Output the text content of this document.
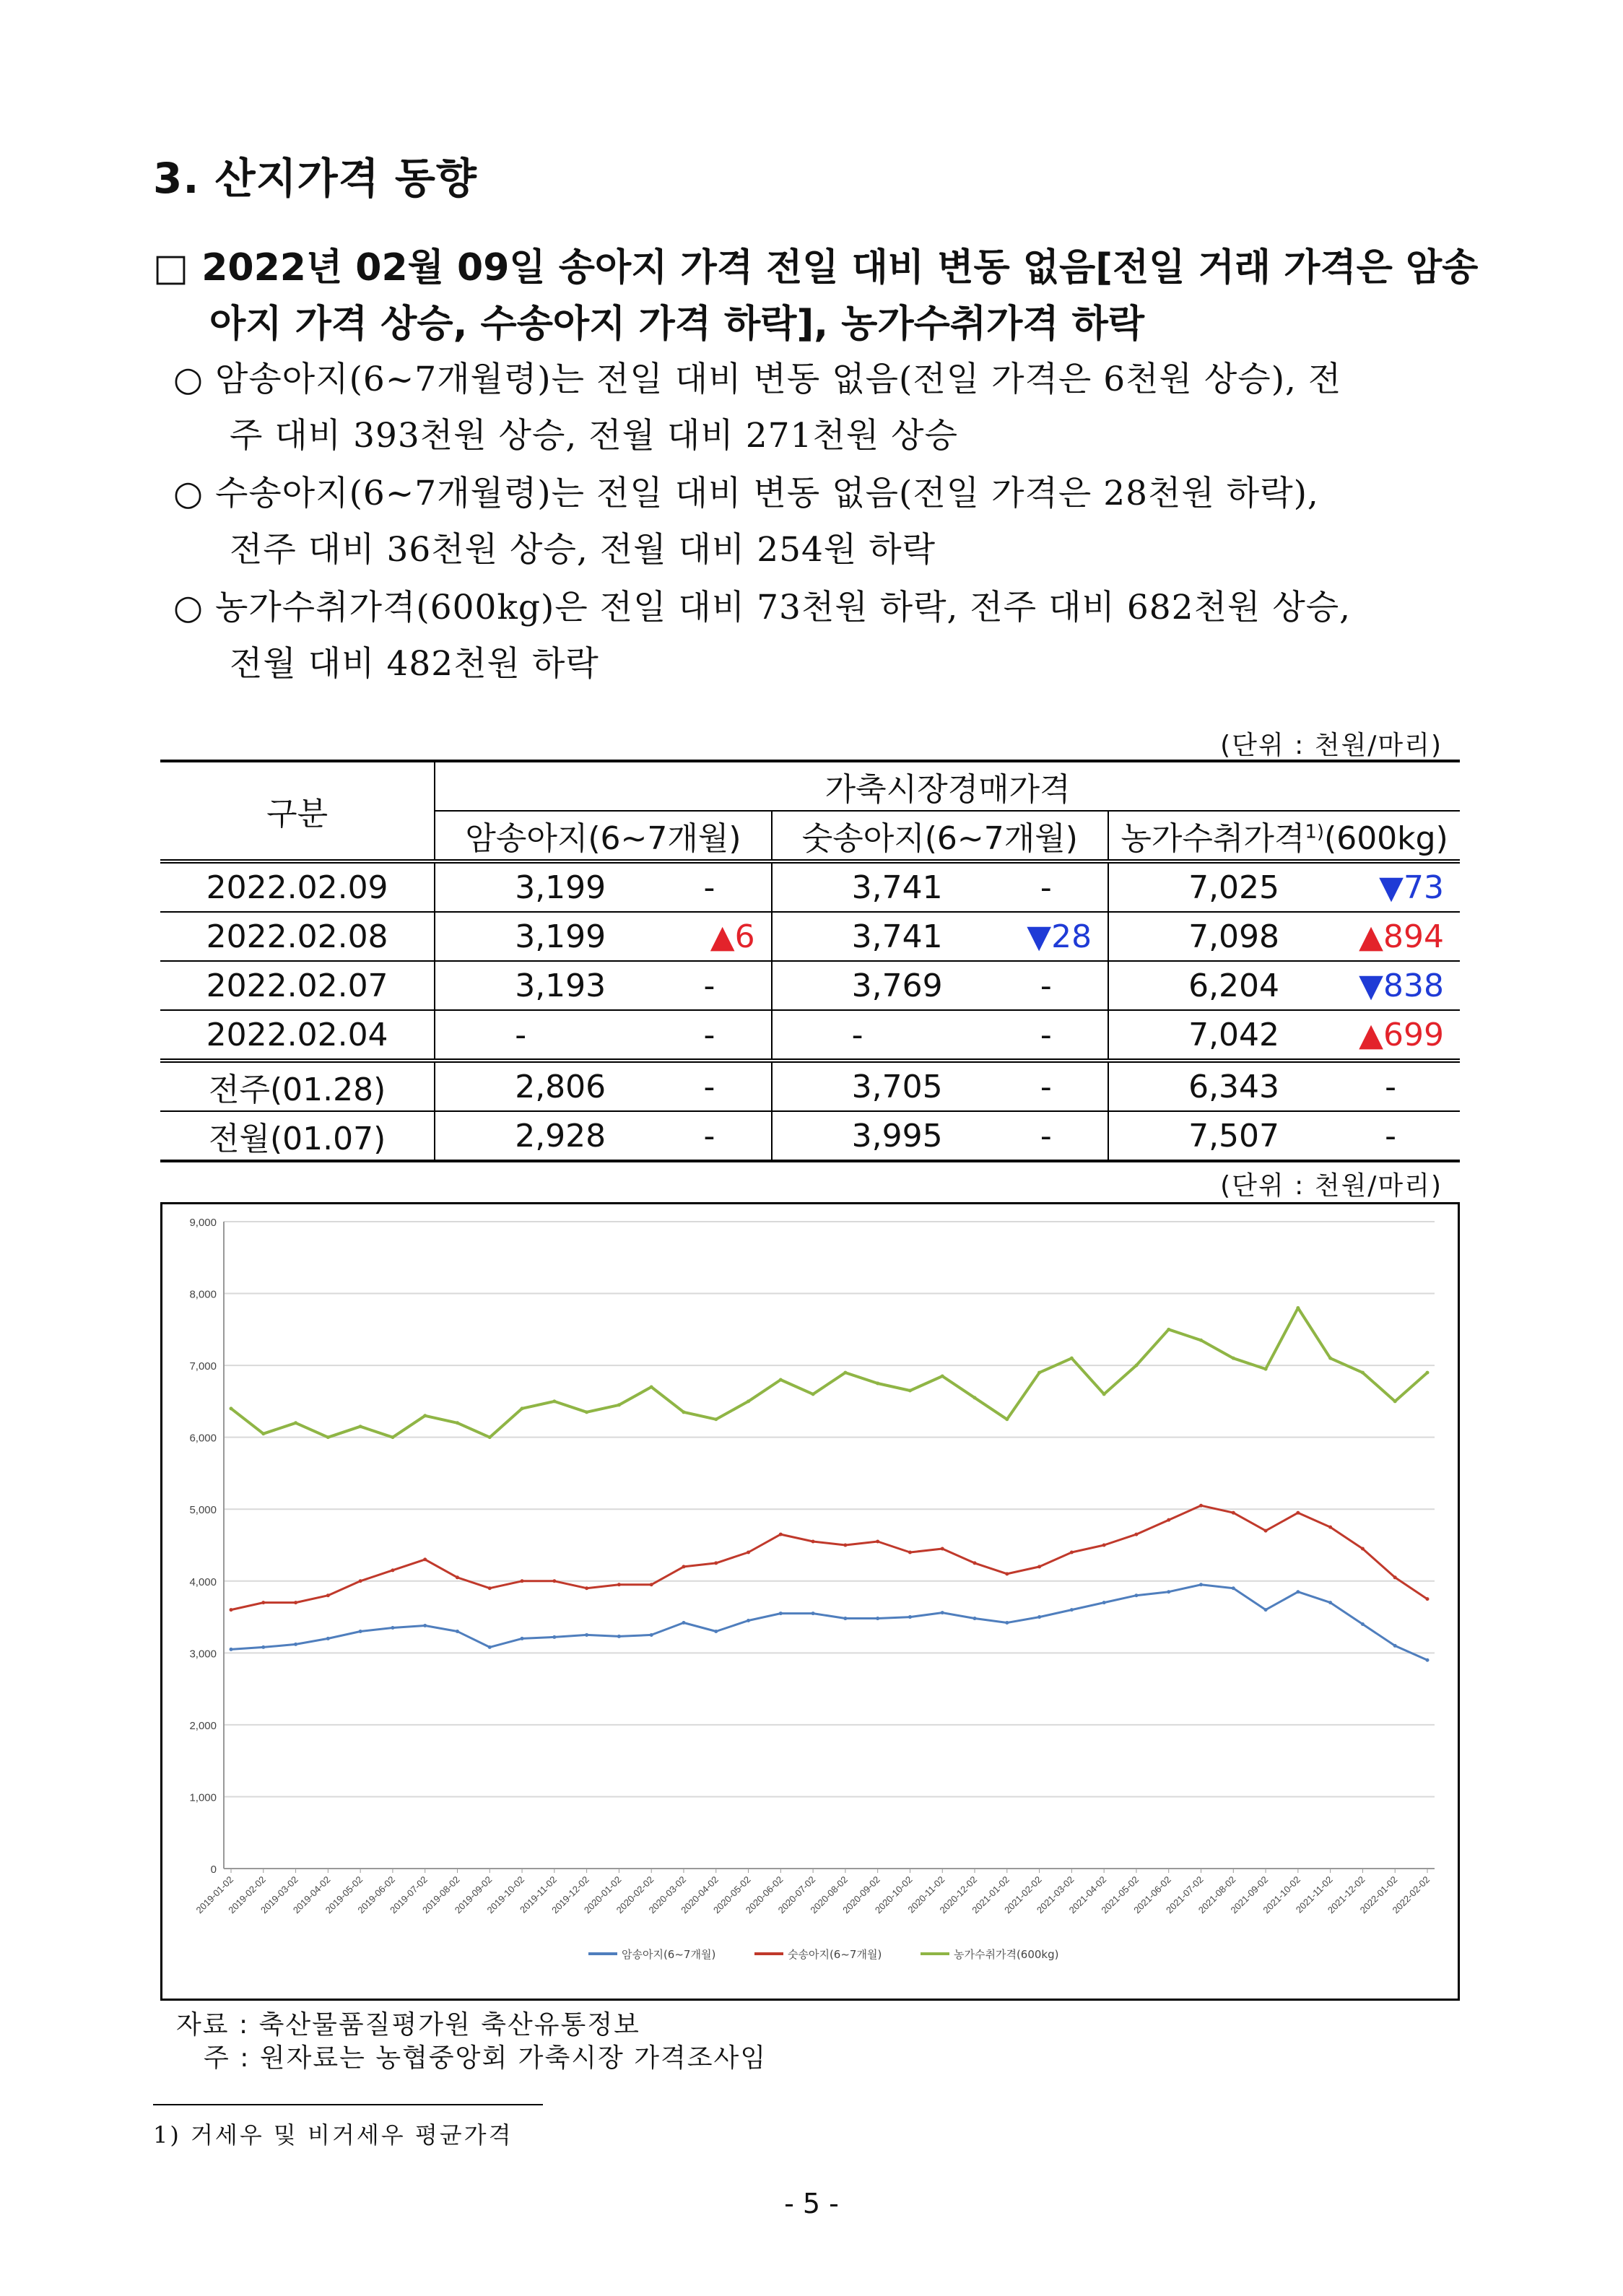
3. 산지가격 동향
□ 2022년 02월 09일 송아지 가격 전일 대비 변동 없음[전일 거래 가격은 암송
아지 가격 상승, 수송아지 가격 하락], 농가수취가격 하락
○ 암송아지(6~7개월령)는 전일 대비 변동 없음(전일 가격은 6천원 상승), 전
주 대비 393천원 상승, 전월 대비 271천원 상승
○ 수송아지(6~7개월령)는 전일 대비 변동 없음(전일 가격은 28천원 하락),
전주 대비 36천원 상승, 전월 대비 254원 하락
○ 농가수취가격(600kg)은 전일 대비 73천원 하락, 전주 대비 682천원 상승,
전월 대비 482천원 하락
(단위 : 천원/마리)
구분	가축시장경매가격					
	암송아지(6~7개월)		숫송아지(6~7개월)		농가수취가격$^{1)}$(600kg)	
2022.02.09	3,199	-	3,741	-	7,025	▼73
2022.02.08	3,199	▲6	3,741	▼28	7,098	▲894
2022.02.07	3,193	-	3,769	-	6,204	▼838
2022.02.04	-	-	-	-	7,042	▲699
전주(01.28)	2,806	-	3,705	-	6,343	-
전월(01.07)	2,928	-	3,995	-	7,507	-
(단위 : 천원/마리)
0
1,000
2,000
3,000
4,000
5,000
6,000
7,000
8,000
9,000
2019-01-02
2019-02-02
2019-03-02
2019-04-02
2019-05-02
2019-06-02
2019-07-02
2019-08-02
2019-09-02
2019-10-02
2019-11-02
2019-12-02
2020-01-02
2020-02-02
2020-03-02
2020-04-02
2020-05-02
2020-06-02
2020-07-02
2020-08-02
2020-09-02
2020-10-02
2020-11-02
2020-12-02
2021-01-02
2021-02-02
2021-03-02
2021-04-02
2021-05-02
2021-06-02
2021-07-02
2021-08-02
2021-09-02
2021-10-02
2021-11-02
2021-12-02
2022-01-02
2022-02-02
암송아지(6~7개월)	숫송아지(6~7개월)	농가수취가격(600kg)
자료 : 축산물품질평가원 축산유통정보
주 : 원자료는 농협중앙회 가축시장 가격조사임
1) 거세우 및 비거세우 평균가격
- 5 -
